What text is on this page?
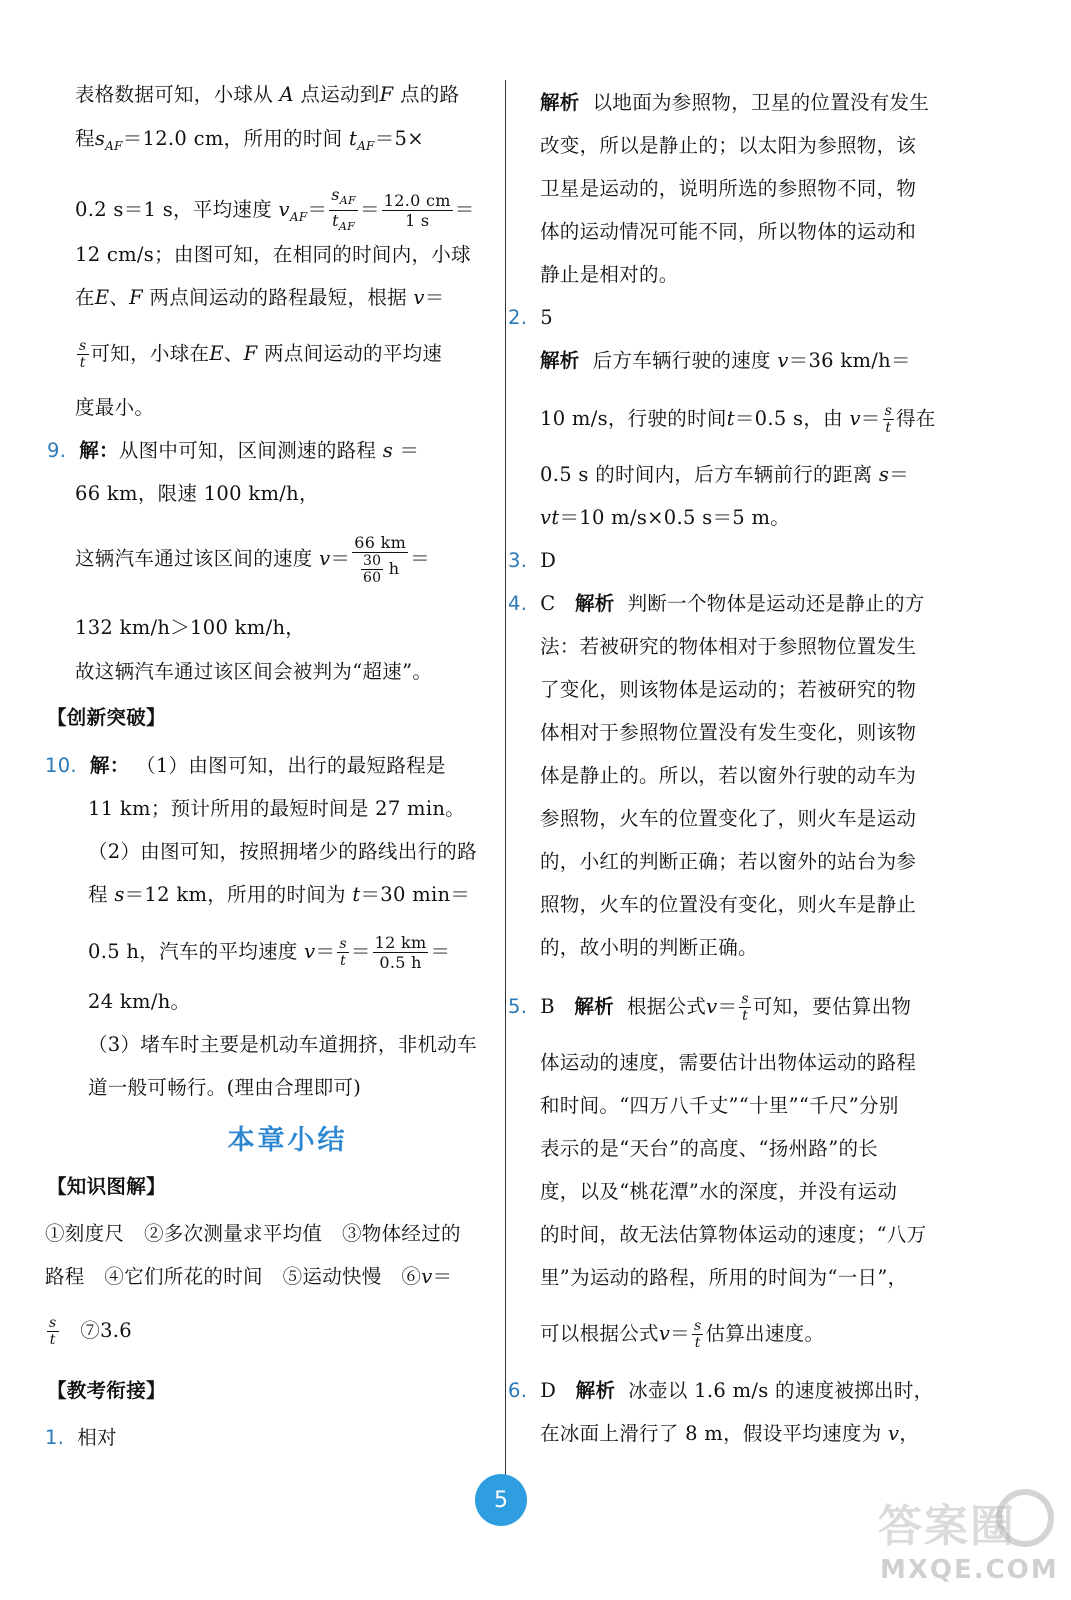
表格数据可知，小球从 A 点运动到F 点的路
程$s_{AF}=12.0$ cm，所用的时间 $t_{AF}=5\times$
0.2 s＝1 s，平均速度 $v_{AF}= \frac{s_{AF}}{t_{AF}} = \frac{12.0 cm}{1 s}$ ＝
12 cm/s；由图可知，在相同的时间内，小球
在E、F 两点间运动的路程最短，根据 v＝
$\frac{s}{t}$ 可知，小球在E、F 两点间运动的平均速
度最小。
9. 解：从图中可知，区间测速的路程 s ＝
66 km，限速 100 km/h，
这辆汽车通过该区间的速度 $v= \frac{66 km}{\frac{30}{60} h}$ ＝
132 km/h＞100 km/h，
故这辆汽车通过该区间会被判为“超速”。
【创新突破】
10. 解： （1）由图可知，出行的最短路程是
11 km；预计所用的最短时间是 27 min。
（2）由图可知，按照拥堵少的路线出行的路
程 s＝12 km，所用的时间为 t＝30 min＝
0.5 h，汽车的平均速度 $v= \frac{s}{t} = \frac{12 km}{0.5 h}$ ＝
24 km/h。
（3）堵车时主要是机动车道拥挤，非机动车
道一般可畅行。(理由合理即可)
本章小结
【知识图解】
①刻度尺　②多次测量求平均值　③物体经过的
路程　④它们所花的时间　⑤运动快慢　⑥v＝
$\frac{s}{t}$ 　⑦3.6
【教考衔接】
1. 相对
解析 以地面为参照物，卫星的位置没有发生
改变，所以是静止的；以太阳为参照物，该
卫星是运动的，说明所选的参照物不同，物
体的运动情况可能不同，所以物体的运动和
静止是相对的。
2. 5
解析 后方车辆行驶的速度 v＝36 km/h＝
10 m/s，行驶的时间t＝0.5 s，由 $v= \frac{s}{t}$ 得在
0.5 s 的时间内，后方车辆前行的距离 s＝
vt＝10 m/s×0.5 s＝5 m。
3. D
4. C 解析 判断一个物体是运动还是静止的方
法：若被研究的物体相对于参照物位置发生
了变化，则该物体是运动的；若被研究的物
体相对于参照物位置没有发生变化，则该物
体是静止的。所以，若以窗外行驶的动车为
参照物，火车的位置变化了，则火车是运动
的，小红的判断正确；若以窗外的站台为参
照物，火车的位置没有变化，则火车是静止
的，故小明的判断正确。
5. B 解析 根据公式$v= \frac{s}{t}$ 可知，要估算出物
体运动的速度，需要估计出物体运动的路程
和时间。“四万八千丈”“十里”“千尺”分别
表示的是“天台”的高度、“扬州路”的长
度，以及“桃花潭”水的深度，并没有运动
的时间，故无法估算物体运动的速度；“八万
里”为运动的路程，所用的时间为“一日”，
可以根据公式$v= \frac{s}{t}$ 估算出速度。
6. D 解析 冰壶以 1.6 m/s 的速度被掷出时，
在冰面上滑行了 8 m，假设平均速度为 v，
5
答案圈
MXQE.COM
